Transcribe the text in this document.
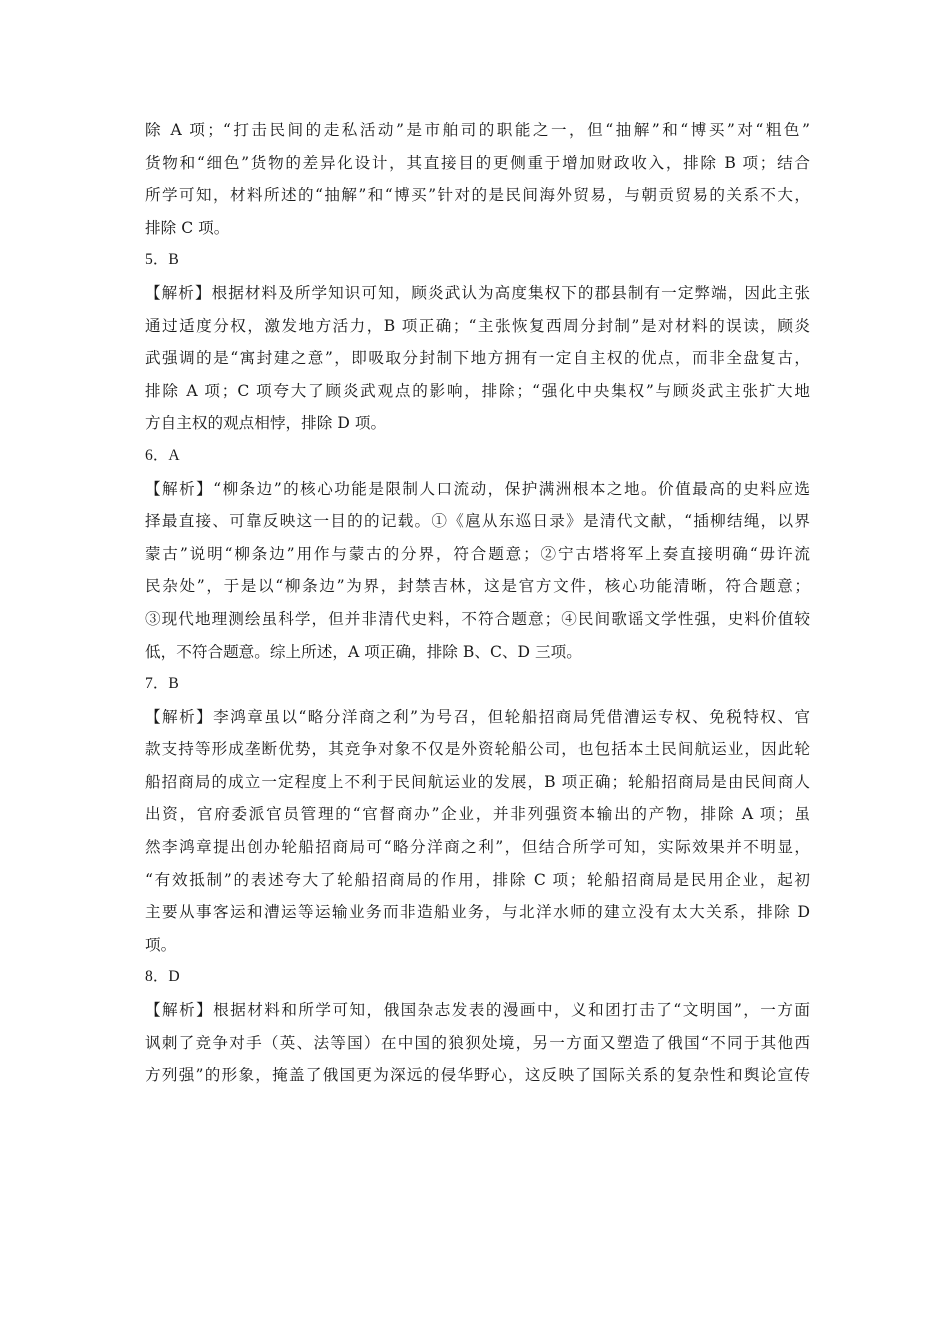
除 A 项；“打击民间的走私活动”是市舶司的职能之一，但“抽解”和“博买”对“粗色”
货物和“细色”货物的差异化设计，其直接目的更侧重于增加财政收入，排除 B 项；结合
所学可知，材料所述的“抽解”和“博买”针对的是民间海外贸易，与朝贡贸易的关系不大，
排除 C 项。
5．B
【解析】根据材料及所学知识可知，顾炎武认为高度集权下的郡县制有一定弊端，因此主张
通过适度分权，激发地方活力，B 项正确；“主张恢复西周分封制”是对材料的误读，顾炎
武强调的是“寓封建之意”，即吸取分封制下地方拥有一定自主权的优点，而非全盘复古，
排除 A 项；C 项夸大了顾炎武观点的影响，排除；“强化中央集权”与顾炎武主张扩大地
方自主权的观点相悖，排除 D 项。
6．A
【解析】“柳条边”的核心功能是限制人口流动，保护满洲根本之地。价值最高的史料应选
择最直接、可靠反映这一目的的记载。①《扈从东巡日录》是清代文献，“插柳结绳，以界
蒙古”说明“柳条边”用作与蒙古的分界，符合题意；②宁古塔将军上奏直接明确“毋许流
民杂处”，于是以“柳条边”为界，封禁吉林，这是官方文件，核心功能清晰，符合题意；
③现代地理测绘虽科学，但并非清代史料，不符合题意；④民间歌谣文学性强，史料价值较
低，不符合题意。综上所述，A 项正确，排除 B、C、D 三项。
7．B
【解析】李鸿章虽以“略分洋商之利”为号召，但轮船招商局凭借漕运专权、免税特权、官
款支持等形成垄断优势，其竞争对象不仅是外资轮船公司，也包括本土民间航运业，因此轮
船招商局的成立一定程度上不利于民间航运业的发展，B 项正确；轮船招商局是由民间商人
出资，官府委派官员管理的“官督商办”企业，并非列强资本输出的产物，排除 A 项；虽
然李鸿章提出创办轮船招商局可“略分洋商之利”，但结合所学可知，实际效果并不明显，
“有效抵制”的表述夸大了轮船招商局的作用，排除 C 项；轮船招商局是民用企业，起初
主要从事客运和漕运等运输业务而非造船业务，与北洋水师的建立没有太大关系，排除 D
项。
8．D
【解析】根据材料和所学可知，俄国杂志发表的漫画中，义和团打击了“文明国”，一方面
讽刺了竞争对手（英、法等国）在中国的狼狈处境，另一方面又塑造了俄国“不同于其他西
方列强”的形象，掩盖了俄国更为深远的侵华野心，这反映了国际关系的复杂性和舆论宣传
